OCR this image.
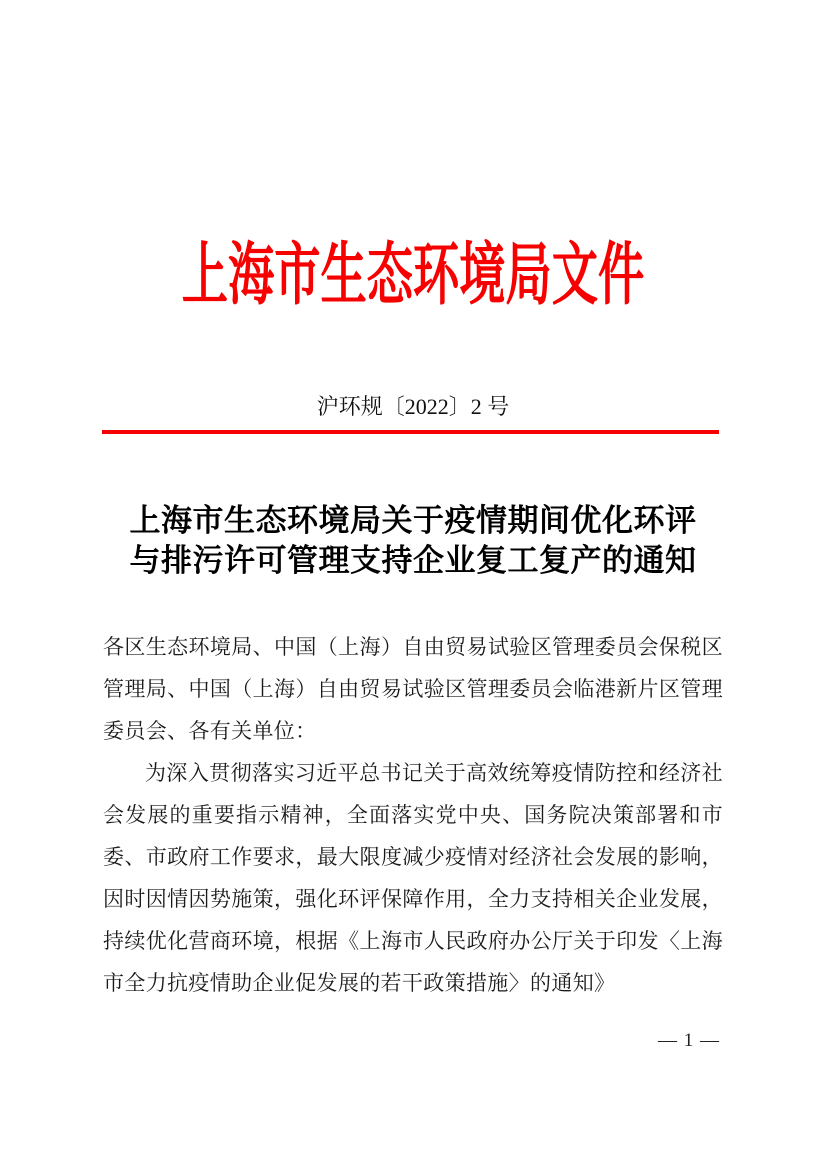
上海市生态环境局文件
沪环规〔2022〕2 号
上海市生态环境局关于疫情期间优化环评
与排污许可管理支持企业复工复产的通知

各区生态环境局、中国（上海）自由贸易试验区管理委员会保税区管理局、中国（上海）自由贸易试验区管理委员会临港新片区管理委员会、各有关单位：

为深入贯彻落实习近平总书记关于高效统筹疫情防控和经济社会发展的重要指示精神，全面落实党中央、国务院决策部署和市委、市政府工作要求，最大限度减少疫情对经济社会发展的影响，因时因情因势施策，强化环评保障作用，全力支持相关企业发展，持续优化营商环境，根据《上海市人民政府办公厅关于印发〈上海市全力抗疫情助企业促发展的若干政策措施〉的通知》

— 1 —
